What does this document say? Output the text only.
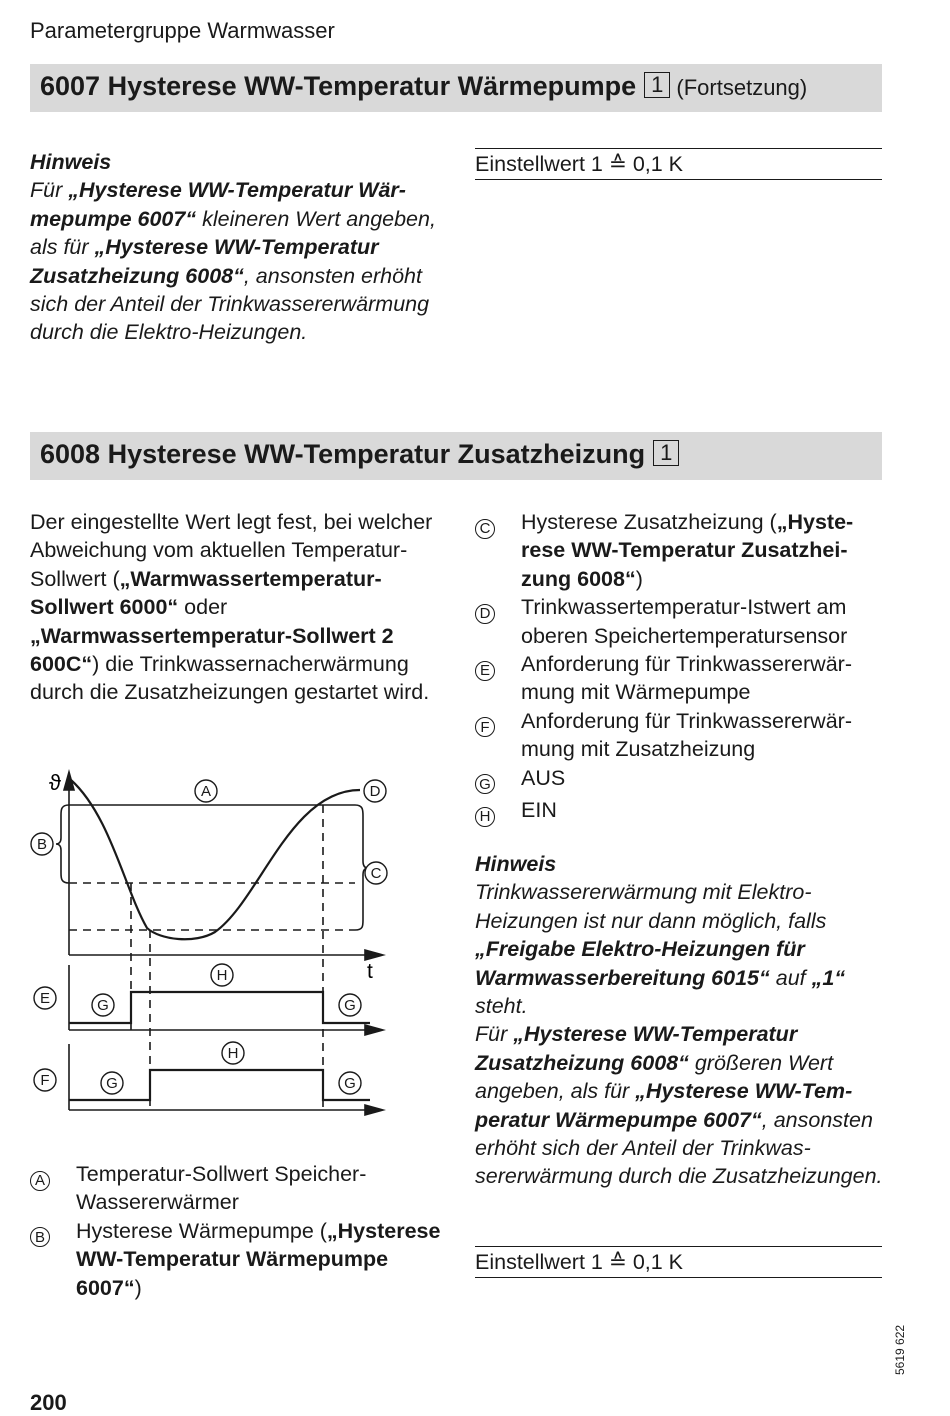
Parametergruppe Warmwasser
6007 Hysterese WW-Temperatur Wärmepumpe 1 (Fortsetzung)

Hinweis

Für „Hysterese WW-Temperatur Wärmepumpe 6007“ kleineren Wert angeben, als für „Hysterese WW-Temperatur Zusatzheizung 6008“, ansonsten erhöht sich der Anteil der Trinkwassererwärmung durch die Elektro-Heizungen.

Einstellwert 1 ≙ 0,1 K
6008 Hysterese WW-Temperatur Zusatzheizung 1

Der eingestellte Wert legt fest, bei welcher Abweichung vom aktuellen Temperatur-Sollwert („Warmwassertemperatur-Sollwert 6000“ oder „Warmwassertemperatur-Sollwert 2 600C“) die Trinkwassernacherwärmung durch die Zusatzheizungen gestartet wird.

ϑ
t
A	D
B
C
H
E	G	G
H
F	G	G
A	Temperatur-Sollwert Speicher-Wassererwärmer
B	Hysterese Wärmepumpe („Hysterese WW-Temperatur Wärmepumpe 6007“)
C	Hysterese Zusatzheizung („Hysterese WW-Temperatur Zusatzheizung 6008“)
D	Trinkwassertemperatur-Istwert am oberen Speichertemperatursensor
E	Anforderung für Trinkwassererwärmung mit Wärmepumpe
F	Anforderung für Trinkwassererwärmung mit Zusatzheizung
G	AUS
H	EIN

Hinweis

Trinkwassererwärmung mit Elektro-Heizungen ist nur dann möglich, falls „Freigabe Elektro-Heizungen für Warmwasserbereitung 6015“ auf „1“ steht.

Für „Hysterese WW-Temperatur Zusatzheizung 6008“ größeren Wert angeben, als für „Hysterese WW-Temperatur Wärmepumpe 6007“, ansonsten erhöht sich der Anteil der Trinkwassererwärmung durch die Zusatzheizungen.

Einstellwert 1 ≙ 0,1 K
5619 622
200
